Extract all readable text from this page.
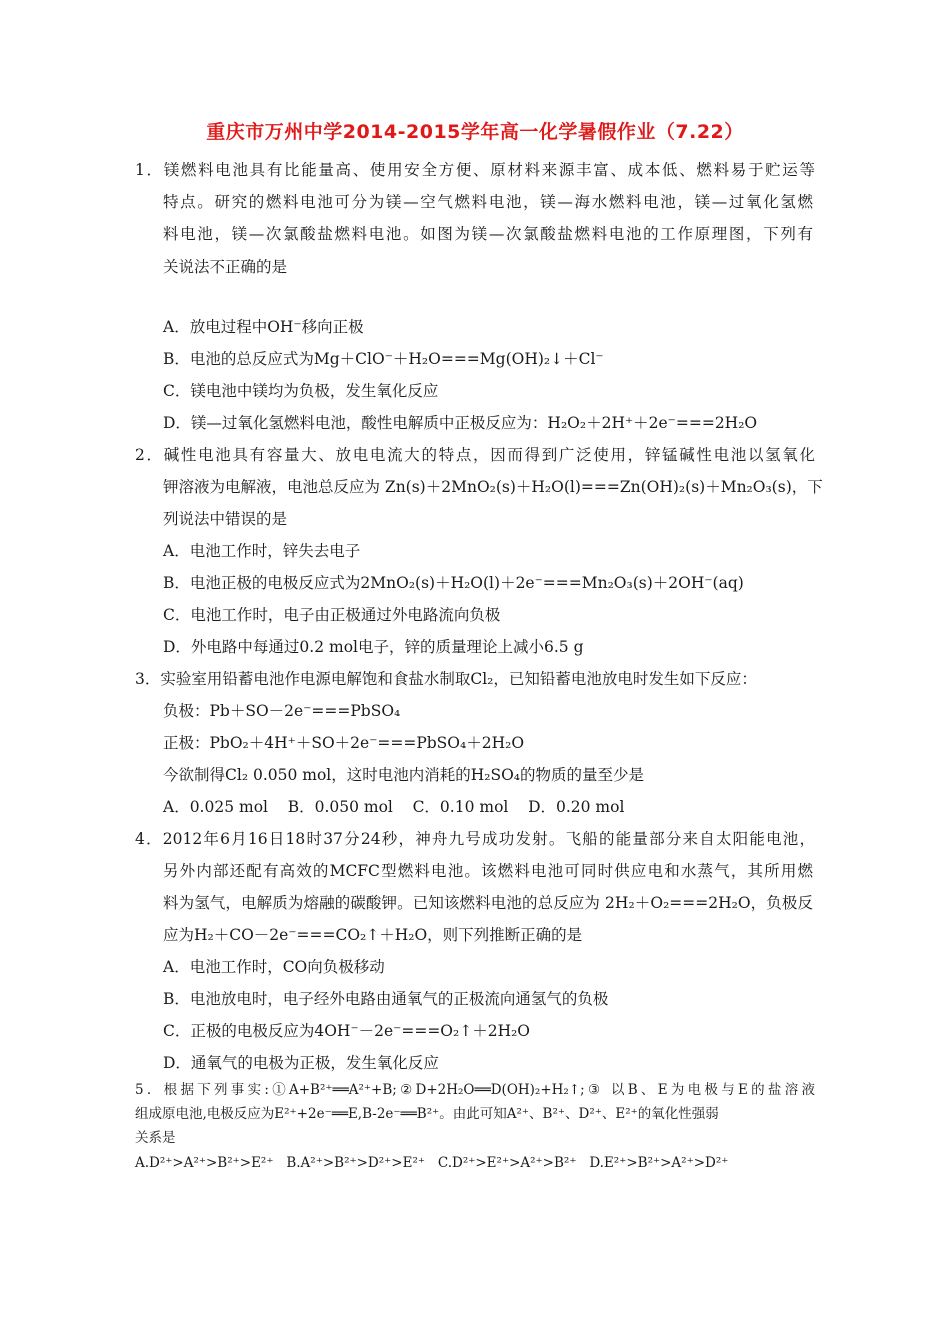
重庆市万州中学2014-2015学年高一化学暑假作业（7.22）
1．镁燃料电池具有比能量高、使用安全方便、原材料来源丰富、成本低、燃料易于贮运等
特点。研究的燃料电池可分为镁—空气燃料电池，镁—海水燃料电池，镁—过氧化氢燃
料电池，镁—次氯酸盐燃料电池。如图为镁—次氯酸盐燃料电池的工作原理图，下列有
关说法不正确的是
A．放电过程中OH⁻移向正极
B．电池的总反应式为Mg＋ClO⁻＋H₂O===Mg(OH)₂↓＋Cl⁻
C．镁电池中镁均为负极，发生氧化反应
D．镁—过氧化氢燃料电池，酸性电解质中正极反应为：H₂O₂＋2H⁺＋2e⁻===2H₂O
2．碱性电池具有容量大、放电电流大的特点，因而得到广泛使用，锌锰碱性电池以氢氧化
钾溶液为电解液，电池总反应为 Zn(s)＋2MnO₂(s)＋H₂O(l)===Zn(OH)₂(s)＋Mn₂O₃(s)，下
列说法中错误的是
A．电池工作时，锌失去电子
B．电池正极的电极反应式为2MnO₂(s)＋H₂O(l)＋2e⁻===Mn₂O₃(s)＋2OH⁻(aq)
C．电池工作时，电子由正极通过外电路流向负极
D．外电路中每通过0.2 mol电子，锌的质量理论上减小6.5 g
3．实验室用铅蓄电池作电源电解饱和食盐水制取Cl₂，已知铅蓄电池放电时发生如下反应：
负极：Pb＋SO－2e⁻===PbSO₄
正极：PbO₂＋4H⁺＋SO＋2e⁻===PbSO₄＋2H₂O
今欲制得Cl₂ 0.050 mol，这时电池内消耗的H₂SO₄的物质的量至少是
A．0.025 mol    B．0.050 mol    C．0.10 mol    D．0.20 mol
4．2012年6月16日18时37分24秒，神舟九号成功发射。飞船的能量部分来自太阳能电池，
另外内部还配有高效的MCFC型燃料电池。该燃料电池可同时供应电和水蒸气，其所用燃
料为氢气，电解质为熔融的碳酸钾。已知该燃料电池的总反应为 2H₂＋O₂===2H₂O，负极反
应为H₂＋CO－2e⁻===CO₂↑＋H₂O，则下列推断正确的是
A．电池工作时，CO向负极移动
B．电池放电时，电子经外电路由通氧气的正极流向通氢气的负极
C．正极的电极反应为4OH⁻－2e⁻===O₂↑＋2H₂O
D．通氧气的电极为正极，发生氧化反应
5．根据下列事实:①A+B²⁺══A²⁺+B;②D+2H₂O══D(OH)₂+H₂↑;③ 以B、E为电极与E的盐溶液
组成原电池,电极反应为E²⁺+2e⁻══E,B-2e⁻══B²⁺。由此可知A²⁺、B²⁺、D²⁺、E²⁺的氧化性强弱
关系是
A.D²⁺>A²⁺>B²⁺>E²⁺   B.A²⁺>B²⁺>D²⁺>E²⁺   C.D²⁺>E²⁺>A²⁺>B²⁺   D.E²⁺>B²⁺>A²⁺>D²⁺
